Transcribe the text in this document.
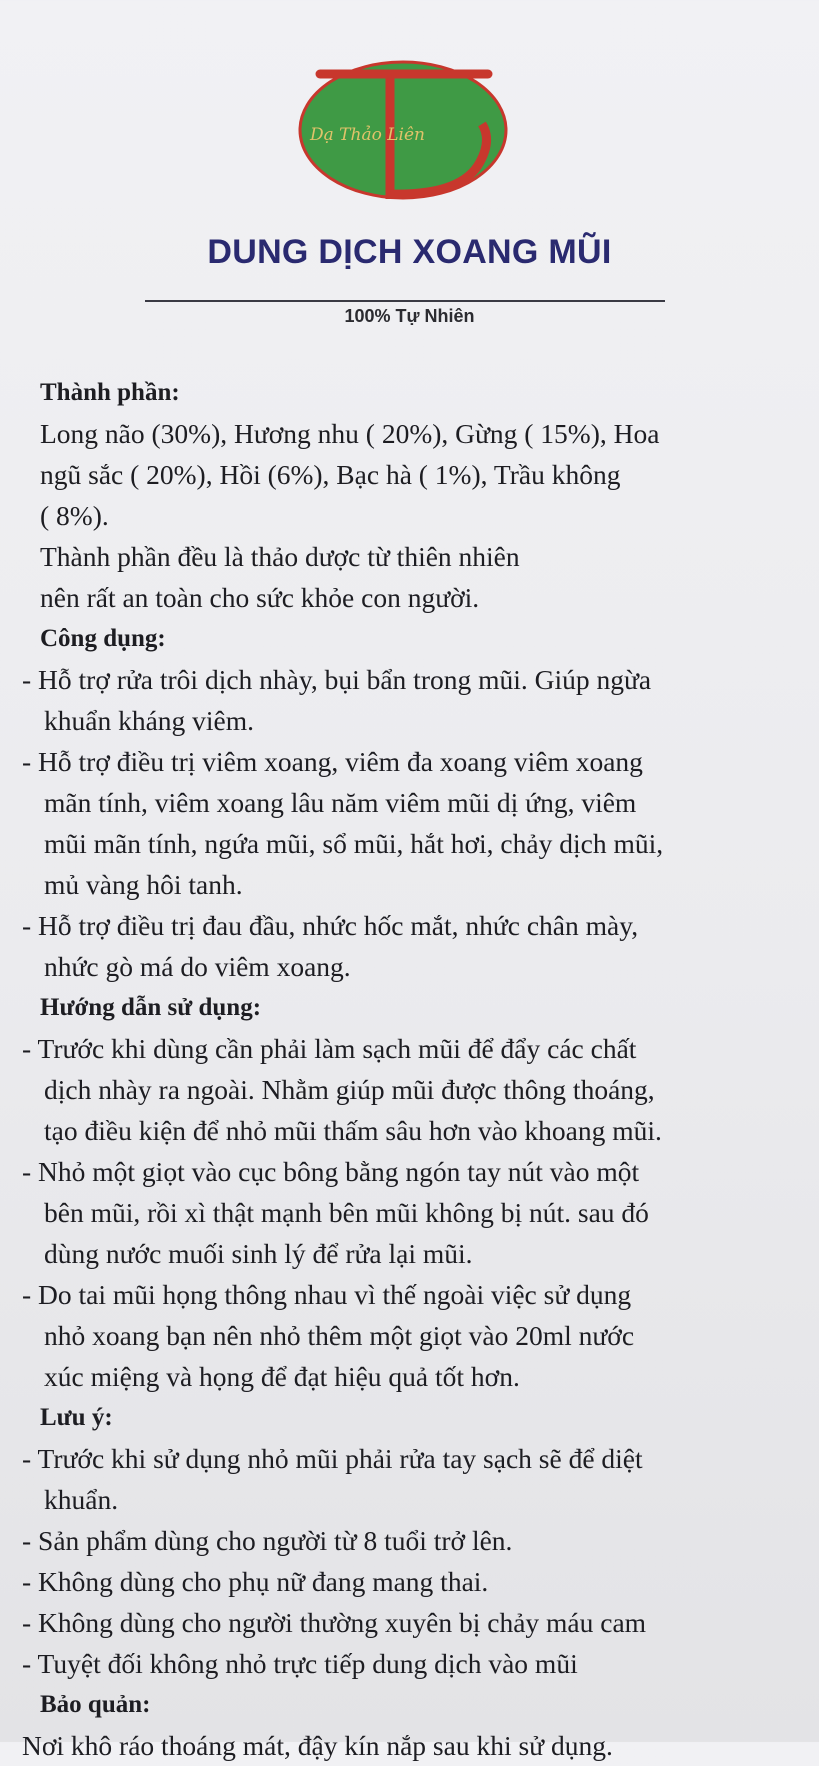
Dạ Thảo Liên
DUNG DỊCH XOANG MŨI
100% Tự Nhiên
Thành phần:
Long não (30%), Hương nhu ( 20%), Gừng ( 15%), Hoa
ngũ sắc ( 20%), Hồi (6%), Bạc hà ( 1%), Trầu không
( 8%).
Thành phần đều là thảo dược từ thiên nhiên
nên rất an toàn cho sức khỏe con người.
Công dụng:
- Hỗ trợ rửa trôi dịch nhày, bụi bẩn trong mũi. Giúp ngừa
khuẩn kháng viêm.
- Hỗ trợ điều trị viêm xoang, viêm đa xoang viêm xoang
mãn tính, viêm xoang lâu năm viêm mũi dị ứng, viêm
mũi mãn tính, ngứa mũi, sổ mũi, hắt hơi, chảy dịch mũi,
mủ vàng hôi tanh.
- Hỗ trợ điều trị đau đầu, nhức hốc mắt, nhức chân mày,
nhức gò má do viêm xoang.
Hướng dẫn sử dụng:
- Trước khi dùng cần phải làm sạch mũi để đẩy các chất
dịch nhày ra ngoài. Nhằm giúp mũi được thông thoáng,
tạo điều kiện để nhỏ mũi thấm sâu hơn vào khoang mũi.
- Nhỏ một giọt vào cục bông bằng ngón tay nút vào một
bên mũi, rồi xì thật mạnh bên mũi không bị nút. sau đó
dùng nước muối sinh lý để rửa lại mũi.
- Do tai mũi họng thông nhau vì thế ngoài việc sử dụng
nhỏ xoang bạn nên nhỏ thêm một giọt vào 20ml nước
xúc miệng và họng để đạt hiệu quả tốt hơn.
Lưu ý:
- Trước khi sử dụng nhỏ mũi phải rửa tay sạch sẽ để diệt
khuẩn.
- Sản phẩm dùng cho người từ 8 tuổi trở lên.
- Không dùng cho phụ nữ đang mang thai.
- Không dùng cho người thường xuyên bị chảy máu cam
- Tuyệt đối không nhỏ trực tiếp dung dịch vào mũi
Bảo quản:
Nơi khô ráo thoáng mát, đậy kín nắp sau khi sử dụng.
